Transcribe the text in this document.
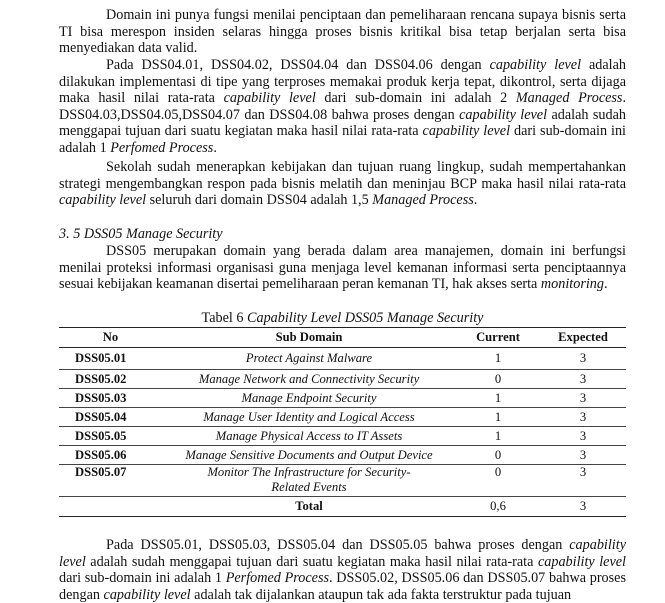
Domain ini punya fungsi menilai penciptaan dan pemeliharaan rencana supaya bisnis serta TI bisa merespon insiden selaras hingga proses bisnis kritikal bisa tetap berjalan serta bisa menyediakan data valid.

Pada DSS04.01, DSS04.02, DSS04.04 dan DSS04.06 dengan capability level adalah dilakukan implementasi di tipe yang terproses memakai produk kerja tepat, dikontrol, serta dijaga maka hasil nilai rata-rata capability level dari sub-domain ini adalah 2 Managed Process. DSS04.03,DSS04.05,DSS04.07 dan DSS04.08 bahwa proses dengan capability level adalah sudah menggapai tujuan dari suatu kegiatan maka hasil nilai rata-rata capability level dari sub-domain ini adalah 1 Perfomed Process.

Sekolah sudah menerapkan kebijakan dan tujuan ruang lingkup, sudah mempertahankan strategi mengembangkan respon pada bisnis melatih dan meninjau BCP maka hasil nilai rata-rata capability level seluruh dari domain DSS04 adalah 1,5 Managed Process.

3. 5 DSS05 Manage Security

DSS05 merupakan domain yang berada dalam area manajemen, domain ini berfungsi menilai proteksi informasi organisasi guna menjaga level kemanan informasi serta penciptaannya sesuai kebijakan keamanan disertai pemeliharaan peran kemanan TI, hak akses serta monitoring.

Tabel 6 Capability Level DSS05 Manage Security
No	Sub Domain	Current	Expected
DSS05.01	Protect Against Malware	1	3
DSS05.02	Manage Network and Connectivity Security	0	3
DSS05.03	Manage Endpoint Security	1	3
DSS05.04	Manage User Identity and Logical Access	1	3
DSS05.05	Manage Physical Access to IT Assets	1	3
DSS05.06	Manage Sensitive Documents and Output Device	0	3
DSS05.07	Monitor The Infrastructure for Security-Related Events	0	3
	Total	0,6	3

Pada DSS05.01, DSS05.03, DSS05.04 dan DSS05.05 bahwa proses dengan capability level adalah sudah menggapai tujuan dari suatu kegiatan maka hasil nilai rata-rata capability level dari sub-domain ini adalah 1 Perfomed Process. DSS05.02, DSS05.06 dan DSS05.07 bahwa proses dengan capability level adalah tak dijalankan ataupun tak ada fakta terstruktur pada tujuan
